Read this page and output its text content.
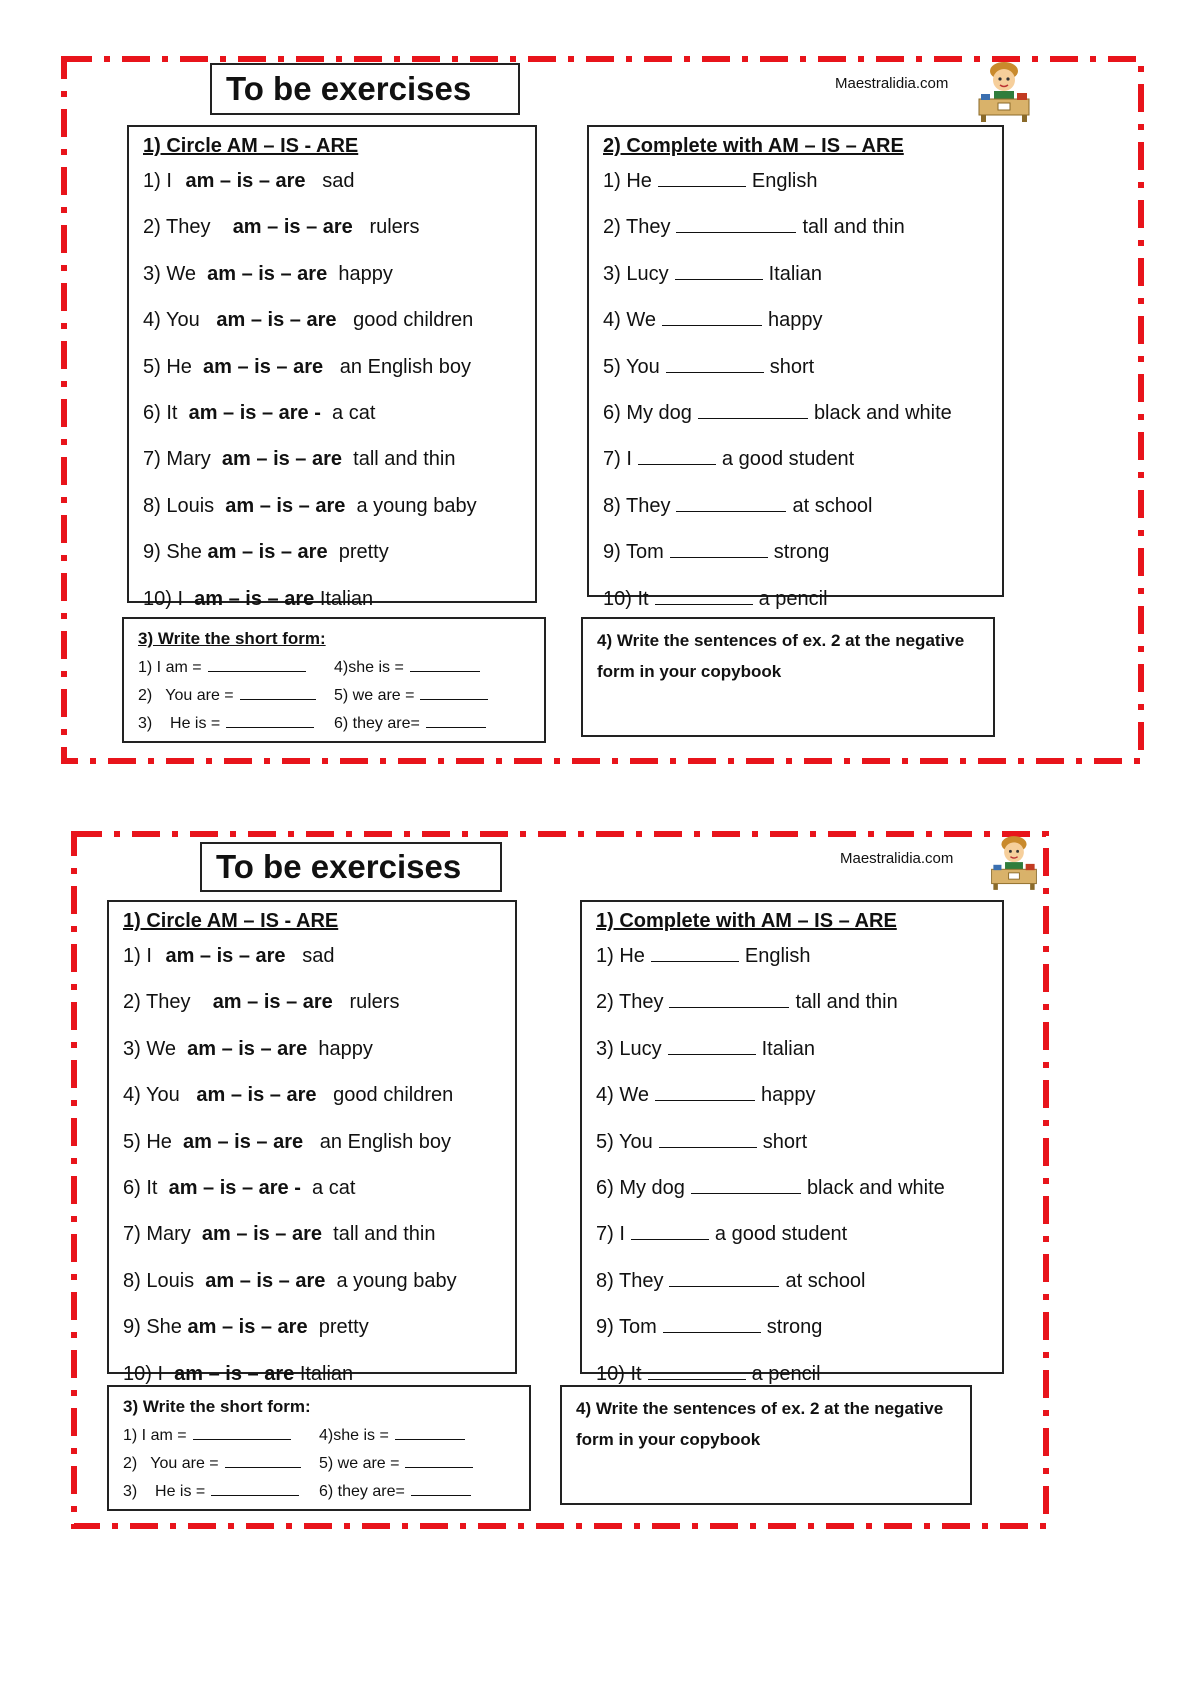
To be exercises	Maestralidia.com

1) Circle AM – IS - ARE

1) I am – is – are sad
2) They am – is – are rulers
3) We am – is – are happy
4) You am – is – are good children
5) He am – is – are an English boy
6) It am – is – are - a cat
7) Mary am – is – are tall and thin
8) Louis am – is – are a young baby
9) She am – is – are pretty
10) I am – is – are Italian

2) Complete with AM – IS – ARE

1) He	English
2) They	tall and thin
3) Lucy	Italian
4) We	happy
5) You	short
6) My dog	black and white
7) I	a good student
8) They	at school
9) Tom	strong
10) It	a pencil
3) Write the short form:
1) I am =	4)she is =
2)   You are =	5) we are =
3)    He is =	6) they are=
4) Write the sentences of ex. 2 at the negative form in your copybook
To be exercises	Maestralidia.com

1) Circle AM – IS - ARE

1) I am – is – are sad
2) They am – is – are rulers
3) We am – is – are happy
4) You am – is – are good children
5) He am – is – are an English boy
6) It am – is – are - a cat
7) Mary am – is – are tall and thin
8) Louis am – is – are a young baby
9) She am – is – are pretty
10) I am – is – are Italian

1) Complete with AM – IS – ARE

1) He	English
2) They	tall and thin
3) Lucy	Italian
4) We	happy
5) You	short
6) My dog	black and white
7) I	a good student
8) They	at school
9) Tom	strong
10) It	a pencil
3) Write the short form:
1) I am =	4)she is =
2)   You are =	5) we are =
3)    He is =	6) they are=
4) Write the sentences of ex. 2 at the negative form in your copybook
